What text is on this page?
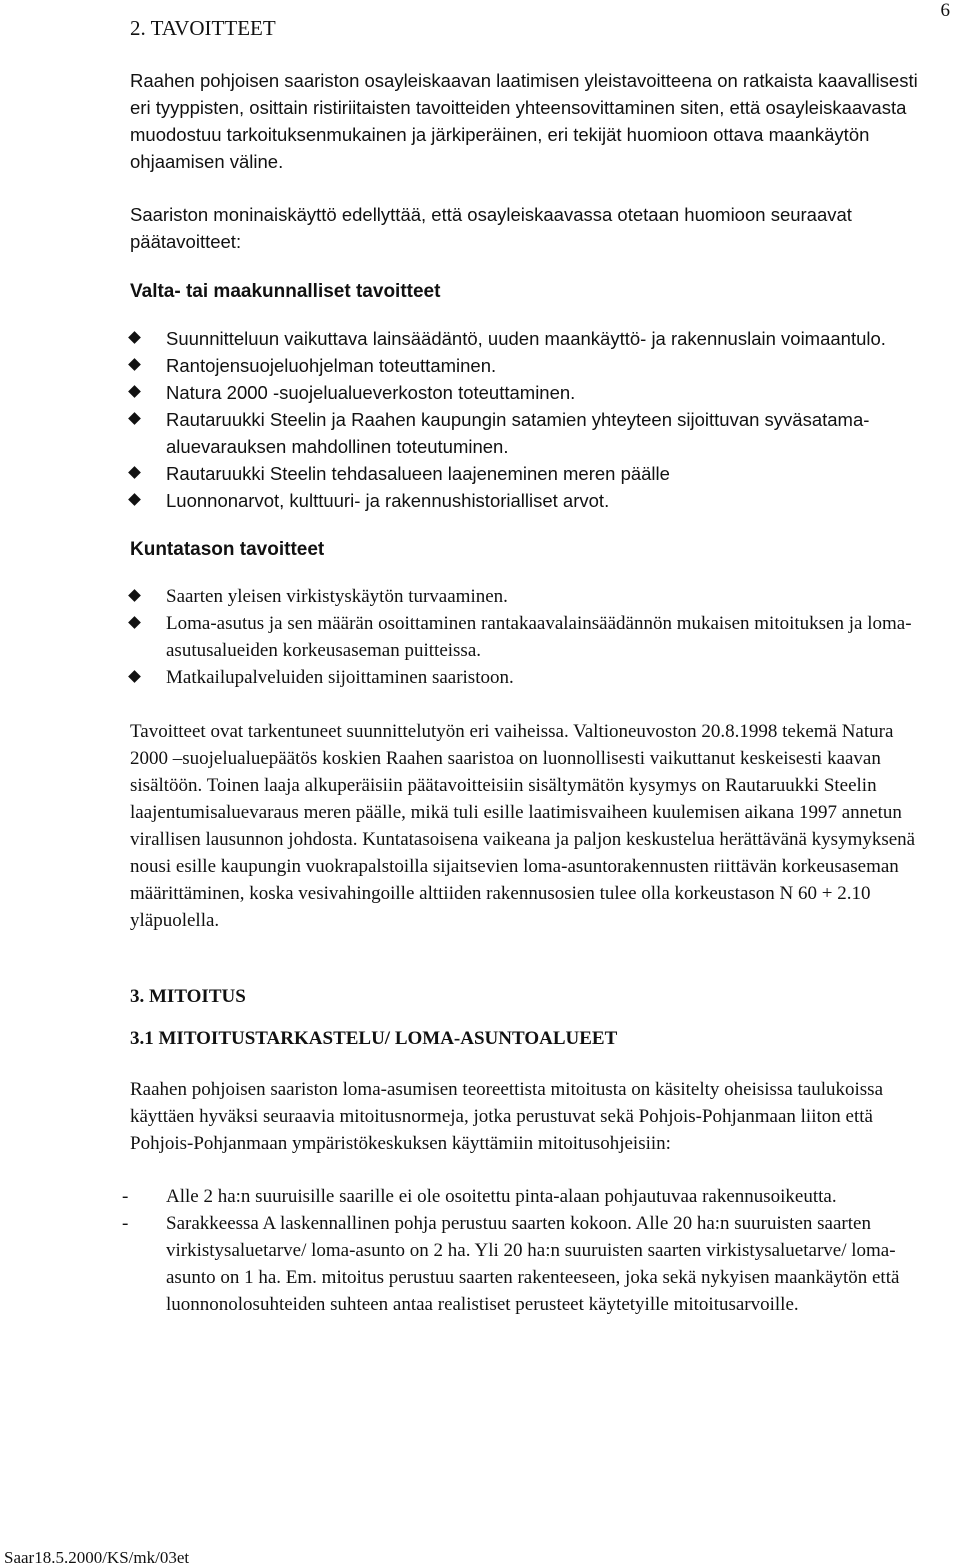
6
2. TAVOITTEET

Raahen pohjoisen saariston osayleiskaavan laatimisen yleistavoitteena on ratkaista kaavallisesti eri tyyppisten, osittain ristiriitaisten tavoitteiden yhteensovittaminen siten, että osayleiskaavasta muodostuu tarkoituksenmukainen ja järkiperäinen, eri tekijät huomioon ottava maankäytön ohjaamisen väline.

Saariston moninaiskäyttö edellyttää, että osayleiskaavassa otetaan huomioon seuraavat päätavoitteet:

Valta- tai maakunnalliset tavoitteet

Suunnitteluun vaikuttava lainsäädäntö, uuden maankäyttö- ja rakennuslain voimaantulo.
Rantojensuojeluohjelman toteuttaminen.
Natura 2000 -suojelualueverkoston toteuttaminen.
Rautaruukki Steelin ja Raahen kaupungin satamien yhteyteen sijoittuvan syväsatama-aluevarauksen mahdollinen toteutuminen.
Rautaruukki Steelin tehdasalueen laajeneminen meren päälle
Luonnonarvot, kulttuuri- ja rakennushistorialliset arvot.

Kuntatason tavoitteet

Saarten yleisen virkistyskäytön turvaaminen.
Loma-asutus ja sen määrän osoittaminen rantakaavalainsäädännön mukaisen mitoituksen ja loma-asutusalueiden korkeusaseman puitteissa.
Matkailupalveluiden sijoittaminen saaristoon.

Tavoitteet ovat tarkentuneet suunnittelutyön eri vaiheissa. Valtioneuvoston 20.8.1998 tekemä Natura 2000 –suojelualuepäätös koskien Raahen saaristoa on luonnollisesti vaikuttanut keskeisesti kaavan sisältöön. Toinen laaja alkuperäisiin päätavoitteisiin sisältymätön kysymys on Rautaruukki Steelin laajentumisaluevaraus meren päälle, mikä tuli esille laatimisvaiheen kuulemisen aikana 1997 annetun virallisen lausunnon johdosta. Kuntatasoisena vaikeana ja paljon keskustelua herättävänä kysymyksenä nousi esille kaupungin vuokrapalstoilla sijaitsevien loma-asuntorakennusten riittävän korkeusaseman määrittäminen, koska vesivahingoille alttiiden rakennusosien tulee olla korkeustason N 60 + 2.10 yläpuolella.

3. MITOITUS

3.1 MITOITUSTARKASTELU/ LOMA-ASUNTOALUEET

Raahen pohjoisen saariston loma-asumisen teoreettista mitoitusta on käsitelty oheisissa taulukoissa käyttäen hyväksi seuraavia mitoitusnormeja, jotka perustuvat sekä Pohjois-Pohjanmaan liiton että Pohjois-Pohjanmaan ympäristökeskuksen käyttämiin mitoitusohjeisiin:

- Alle 2 ha:n suuruisille saarille ei ole osoitettu pinta-alaan pohjautuvaa rakennusoikeutta.
- Sarakkeessa A laskennallinen pohja perustuu saarten kokoon. Alle 20 ha:n suuruisten saarten virkistysaluetarve/ loma-asunto on 2 ha. Yli 20 ha:n suuruisten saarten virkistysaluetarve/ loma-asunto on 1 ha. Em. mitoitus perustuu saarten rakenteeseen, joka sekä nykyisen maankäytön että luonnonolosuhteiden suhteen antaa realistiset perusteet käytetyille mitoitusarvoille.
Saar18.5.2000/KS/mk/03et
